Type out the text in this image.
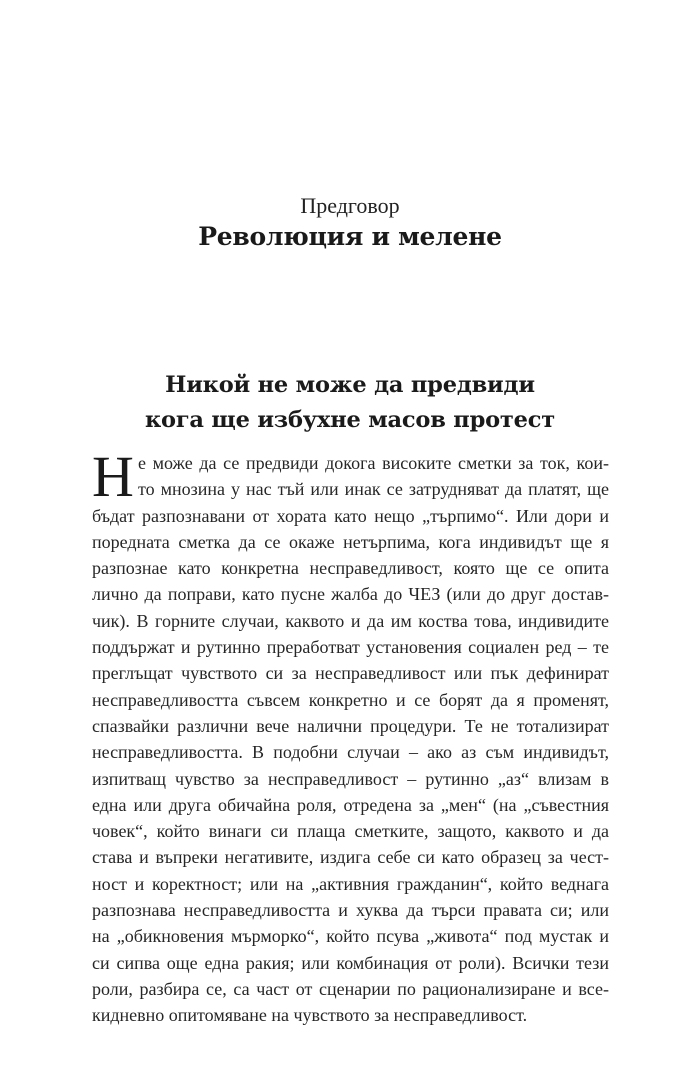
Предговор
Революция и мелене
Никой не може да предвиди
кога ще избухне масов протест
Н е може да се предвиди докога високите сметки за ток, кои-
то мнозина у нас тъй или инак се затрудняват да платят, ще
бъдат разпознавани от хората като нещо „търпимо“. Или дори и
поредната сметка да се окаже нетърпима, кога индивидът ще я
разпознае като конкретна несправедливост, която ще се опита
лично да поправи, като пусне жалба до ЧЕЗ (или до друг достав-
чик). В горните случаи, каквото и да им коства това, индивидите
поддържат и рутинно преработват установения социален ред – те
преглъщат чувството си за несправедливост или пък дефинират
несправедливостта съвсем конкретно и се борят да я променят,
спазвайки различни вече налични процедури. Те не тотализират
несправедливостта. В подобни случаи – ако аз съм индивидът,
изпитващ чувство за несправедливост – рутинно „аз“ влизам в
една или друга обичайна роля, отредена за „мен“ (на „съвестния
човек“, който винаги си плаща сметките, защото, каквото и да
става и въпреки негативите, издига себе си като образец за чест-
ност и коректност; или на „активния гражданин“, който веднага
разпознава несправедливостта и хуква да търси правата си; или
на „обикновения мърморко“, който псува „живота“ под мустак и
си сипва още една ракия; или комбинация от роли). Всички тези
роли, разбира се, са част от сценарии по рационализиране и все-
кидневно опитомяване на чувството за несправедливост.
